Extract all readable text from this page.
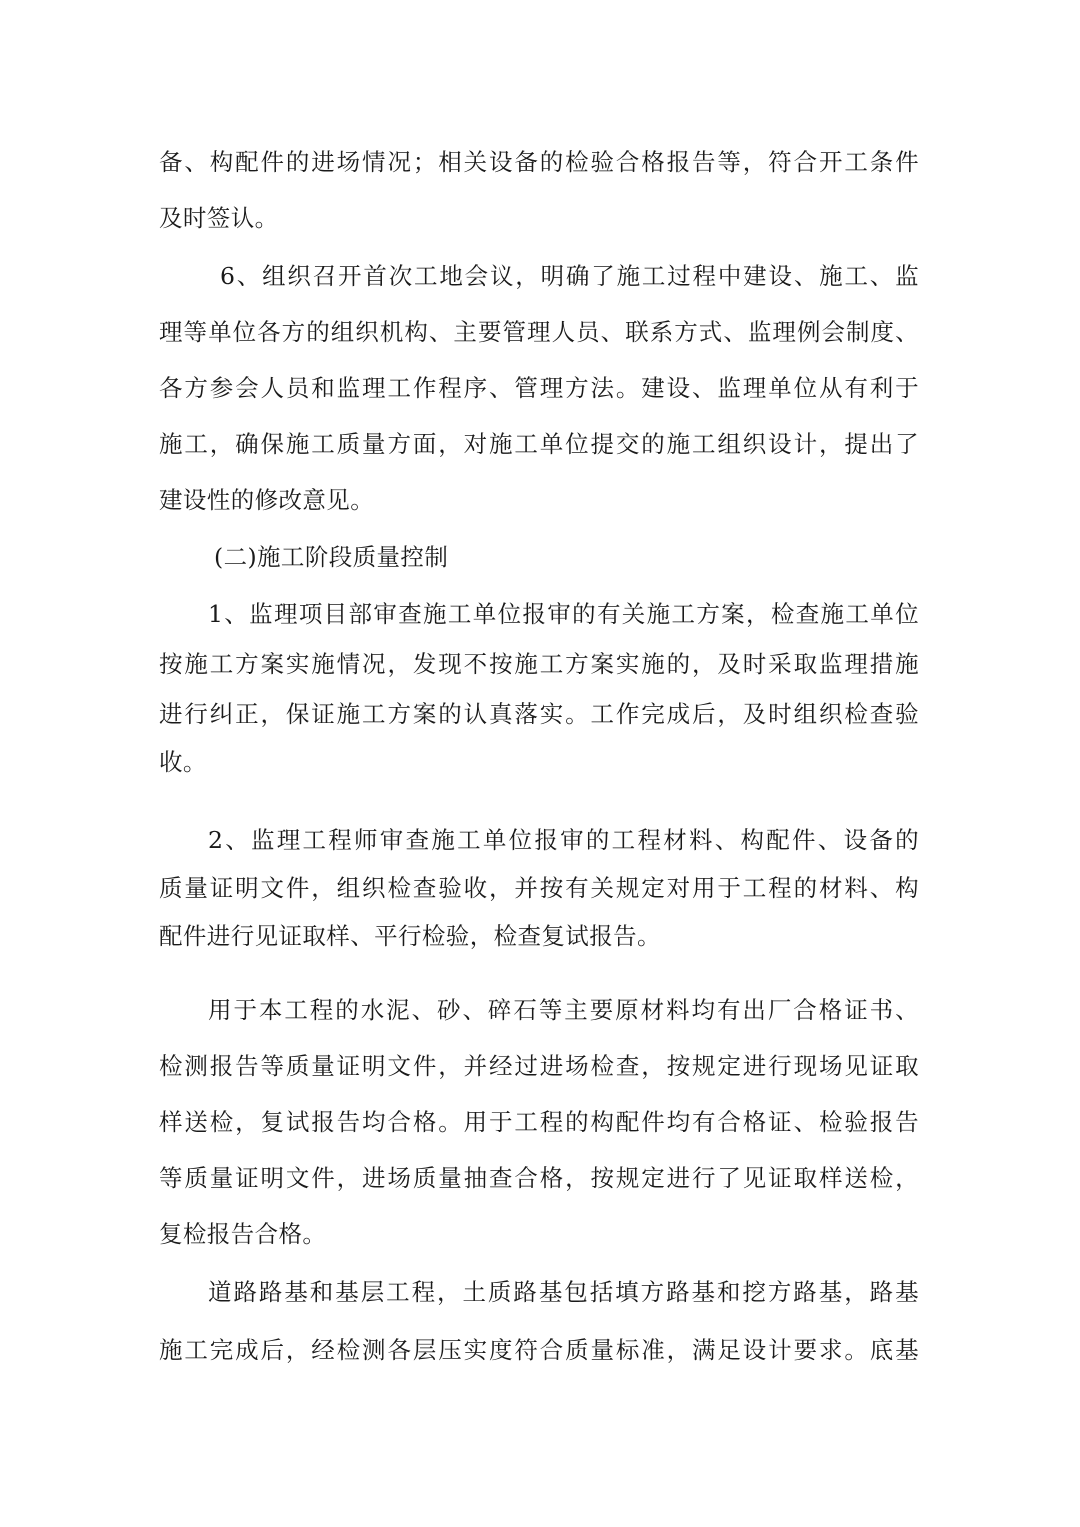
备、构配件的进场情况；相关设备的检验合格报告等，符合开工条件
及时签认。
6、组织召开首次工地会议，明确了施工过程中建设、施工、监
理等单位各方的组织机构、主要管理人员、联系方式、监理例会制度、
各方参会人员和监理工作程序、管理方法。建设、监理单位从有利于
施工，确保施工质量方面，对施工单位提交的施工组织设计，提出了
建设性的修改意见。
(二)施工阶段质量控制
1、监理项目部审查施工单位报审的有关施工方案，检查施工单位
按施工方案实施情况，发现不按施工方案实施的，及时采取监理措施
进行纠正，保证施工方案的认真落实。工作完成后，及时组织检查验
收。
2、监理工程师审查施工单位报审的工程材料、构配件、设备的
质量证明文件，组织检查验收，并按有关规定对用于工程的材料、构
配件进行见证取样、平行检验，检查复试报告。
用于本工程的水泥、砂、碎石等主要原材料均有出厂合格证书、
检测报告等质量证明文件，并经过进场检查，按规定进行现场见证取
样送检，复试报告均合格。用于工程的构配件均有合格证、检验报告
等质量证明文件，进场质量抽查合格，按规定进行了见证取样送检，
复检报告合格。
道路路基和基层工程，土质路基包括填方路基和挖方路基，路基
施工完成后，经检测各层压实度符合质量标准，满足设计要求。底基
